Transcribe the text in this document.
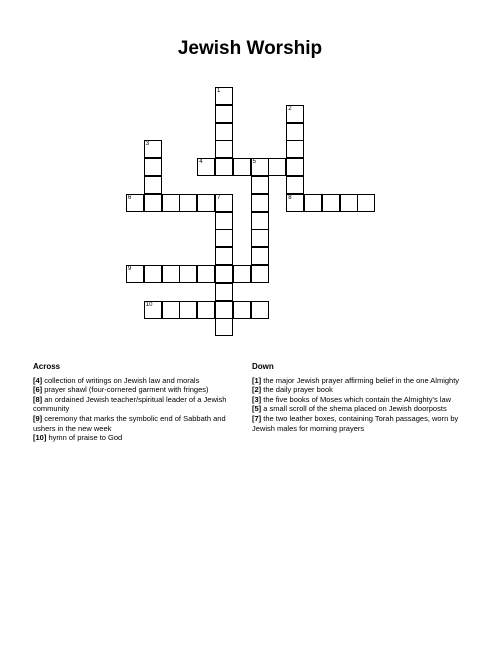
Jewish Worship
1
2
8
3
4	5
6	7
9
10
Across

[4] collection of writings on Jewish law and morals

[6] prayer shawl (four-cornered garment with fringes)

[8] an ordained Jewish teacher/spiritual leader of a Jewish community

[9] ceremony that marks the symbolic end of Sabbath and ushers in the new week

[10] hymn of praise to God

Down

[1] the major Jewish prayer affirming belief in the one Almighty

[2] the daily prayer book

[3] the five books of Moses which contain the Almighty's law

[5] a small scroll of the shema placed on Jewish doorposts

[7] the two leather boxes, containing Torah passages, worn by Jewish males for morning prayers
